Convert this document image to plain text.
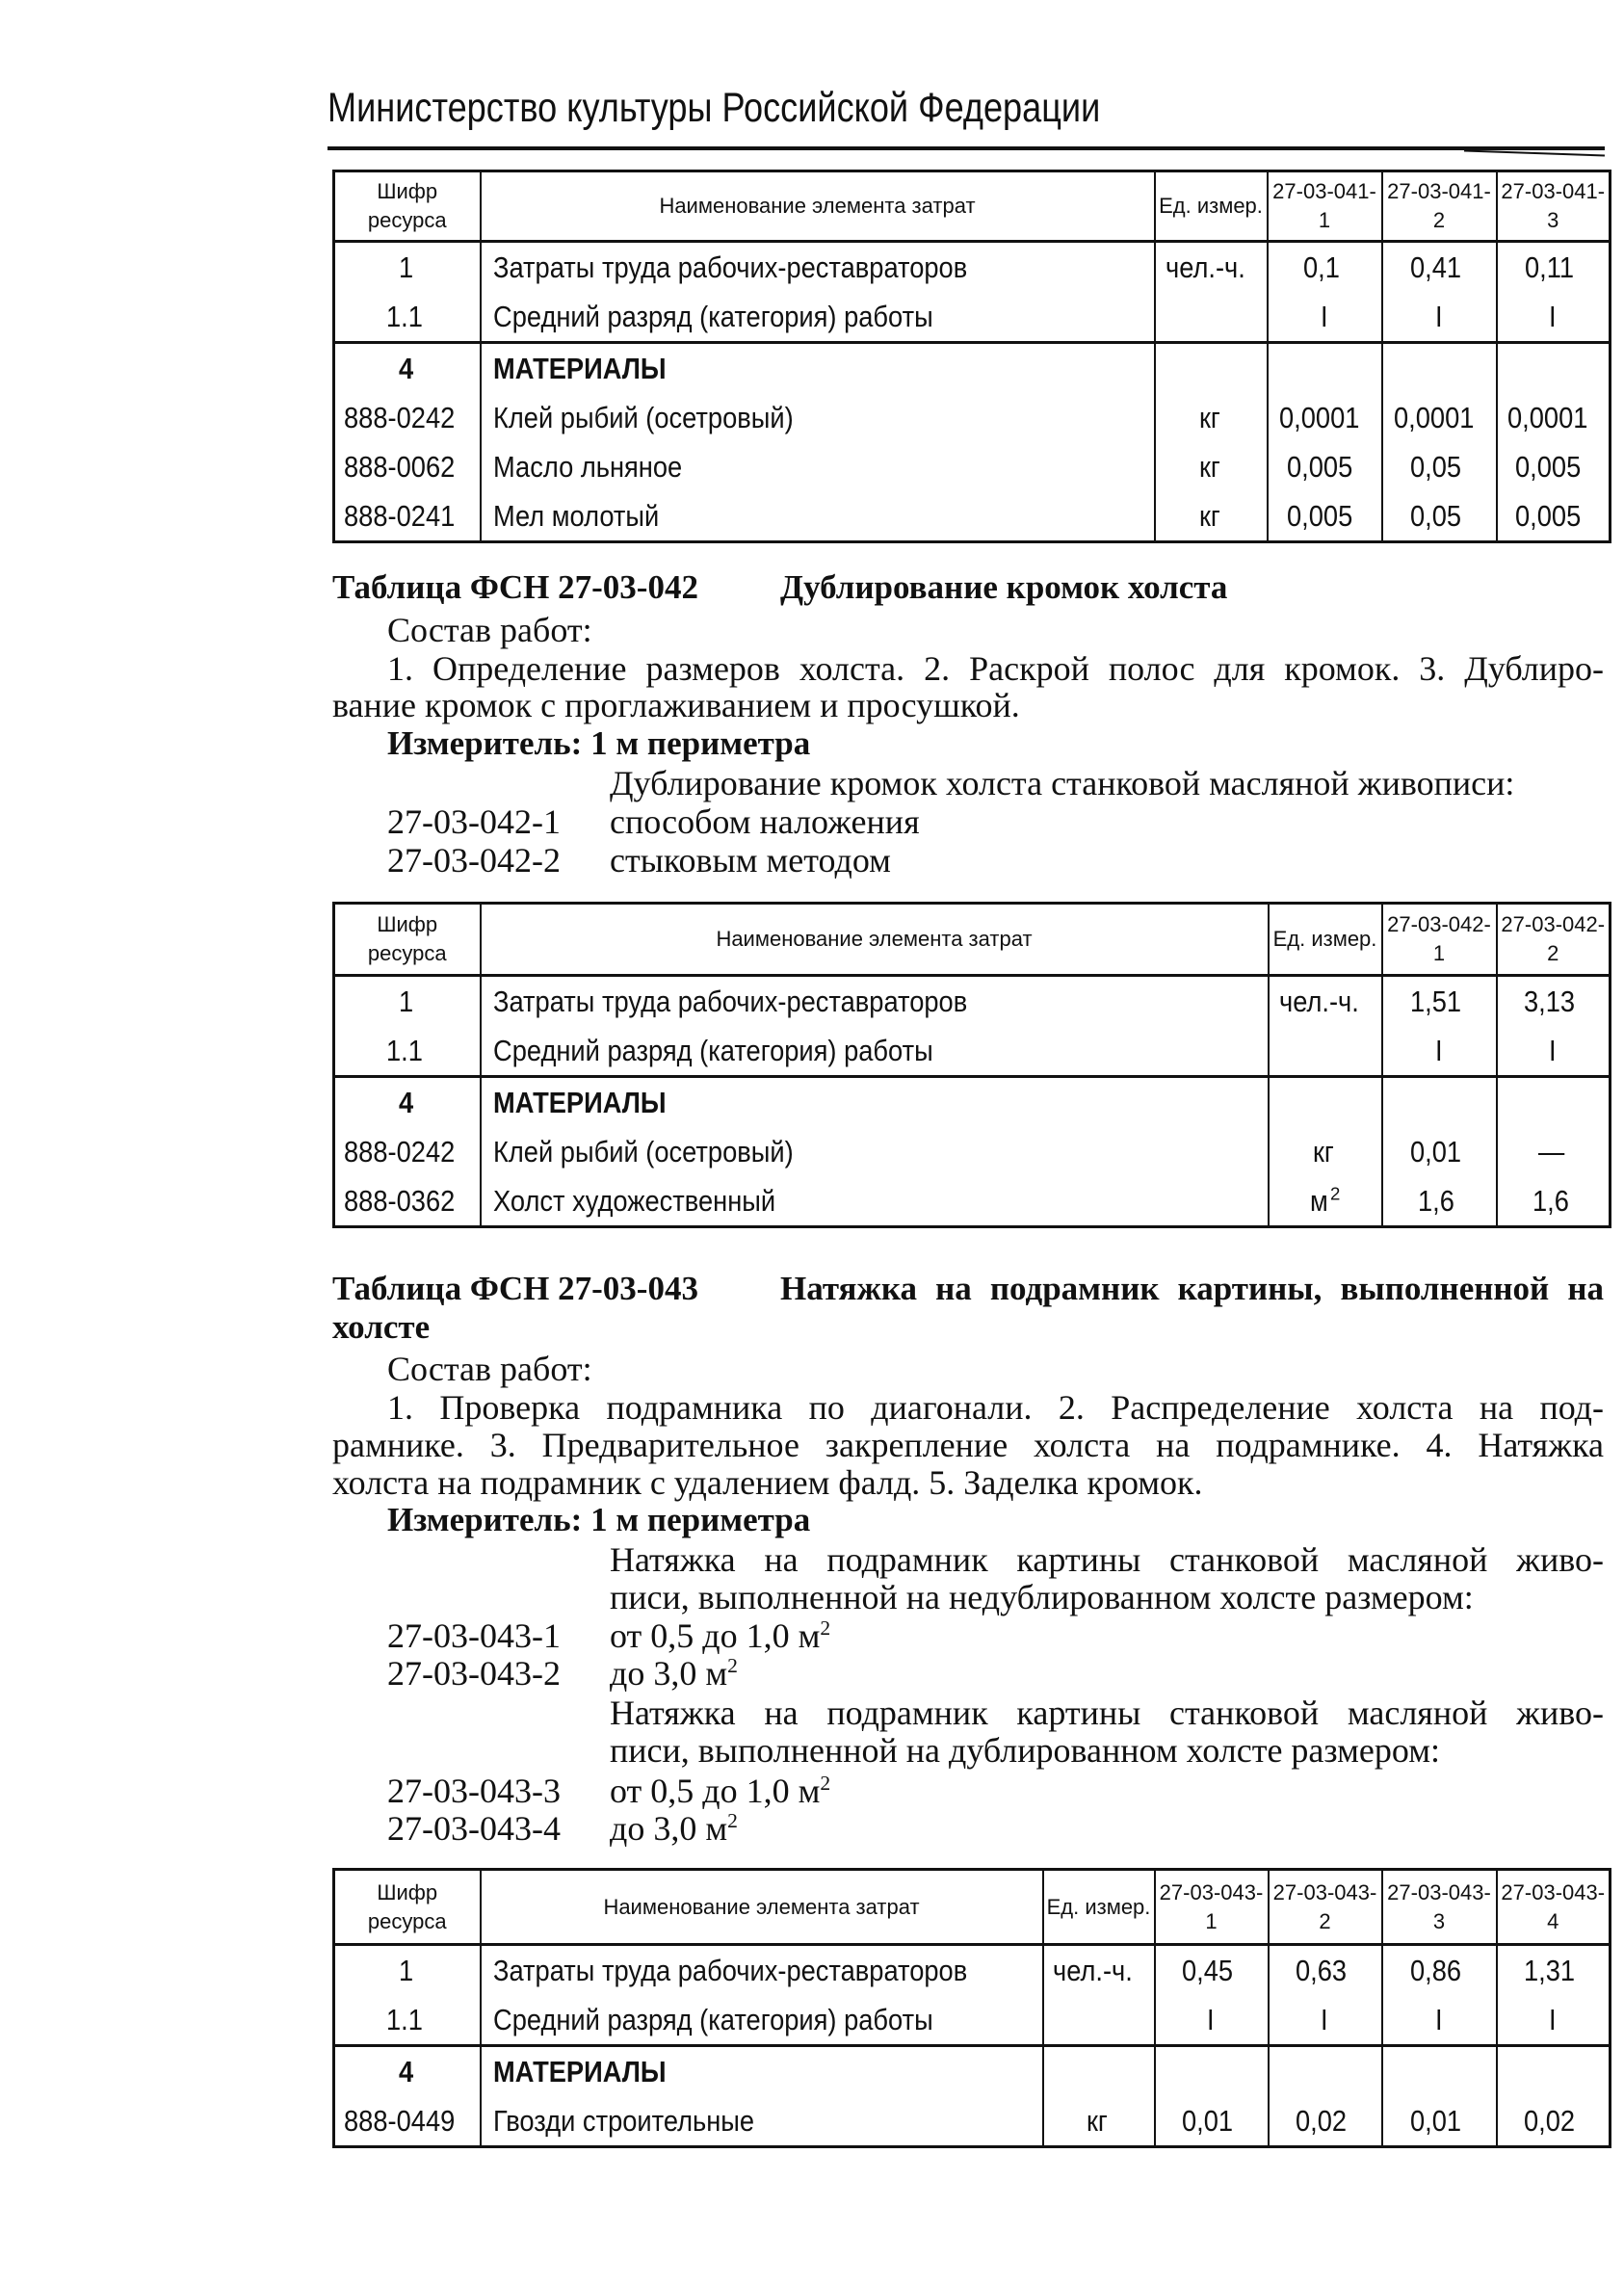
Министерство культуры Российской Федерации
Шифр ресурса	Наименование элемента затрат	Ед. измер.	27-03-041-1	27-03-041-2	27-03-041-3
1	Затраты труда рабочих-реставраторов	чел.-ч.	0,1	0,41	0,11
1.1	Средний разряд (категория) работы		I	I	I
4	МАТЕРИАЛЫ				
888-0242	Клей рыбий (осетровый)	кг	0,0001	0,0001	0,0001
888-0062	Масло льняное	кг	0,005	0,05	0,005
888-0241	Мел молотый	кг	0,005	0,05	0,005
Таблица ФСН 27-03-042 Дублирование кромок холста
Состав работ:
1. Определение размеров холста. 2. Раскрой полос для кромок. 3. Дублиро-
вание кромок с проглаживанием и просушкой.
Измеритель: 1 м периметра
Дублирование кромок холста станковой масляной живописи:
27-03-042-1 способом наложения
27-03-042-2 стыковым методом
Шифр ресурса	Наименование элемента затрат	Ед. измер.	27-03-042-1	27-03-042-2
1	Затраты труда рабочих-реставраторов	чел.-ч.	1,51	3,13
1.1	Средний разряд (категория) работы		I	I
4	МАТЕРИАЛЫ			
888-0242	Клей рыбий (осетровый)	кг	0,01	—
888-0362	Холст художественный	м $^2$	1,6	1,6
Таблица ФСН 27-03-043 Натяжка на подрамник картины, выполненной на
холсте
Состав работ:
1. Проверка подрамника по диагонали. 2. Распределение холста на под-
рамнике. 3. Предварительное закрепление холста на подрамнике. 4. Натяжка
холста на подрамник с удалением фалд. 5. Заделка кромок.
Измеритель: 1 м периметра
Натяжка на подрамник картины станковой масляной живо-
писи, выполненной на недублированном холсте размером:
27-03-043-1 от 0,5 до 1,0 $м^2$
27-03-043-2 до 3,0 $м^2$
Натяжка на подрамник картины станковой масляной живо-
писи, выполненной на дублированном холсте размером:
27-03-043-3 от 0,5 до 1,0 $м^2$
27-03-043-4 до 3,0 $м^2$
Шифр ресурса	Наименование элемента затрат	Ед. измер.	27-03-043-1	27-03-043-2	27-03-043-3	27-03-043-4
1	Затраты труда рабочих-реставраторов	чел.-ч.	0,45	0,63	0,86	1,31
1.1	Средний разряд (категория) работы		I	I	I	I
4	МАТЕРИАЛЫ					
888-0449	Гвозди строительные	кг	0,01	0,02	0,01	0,02
